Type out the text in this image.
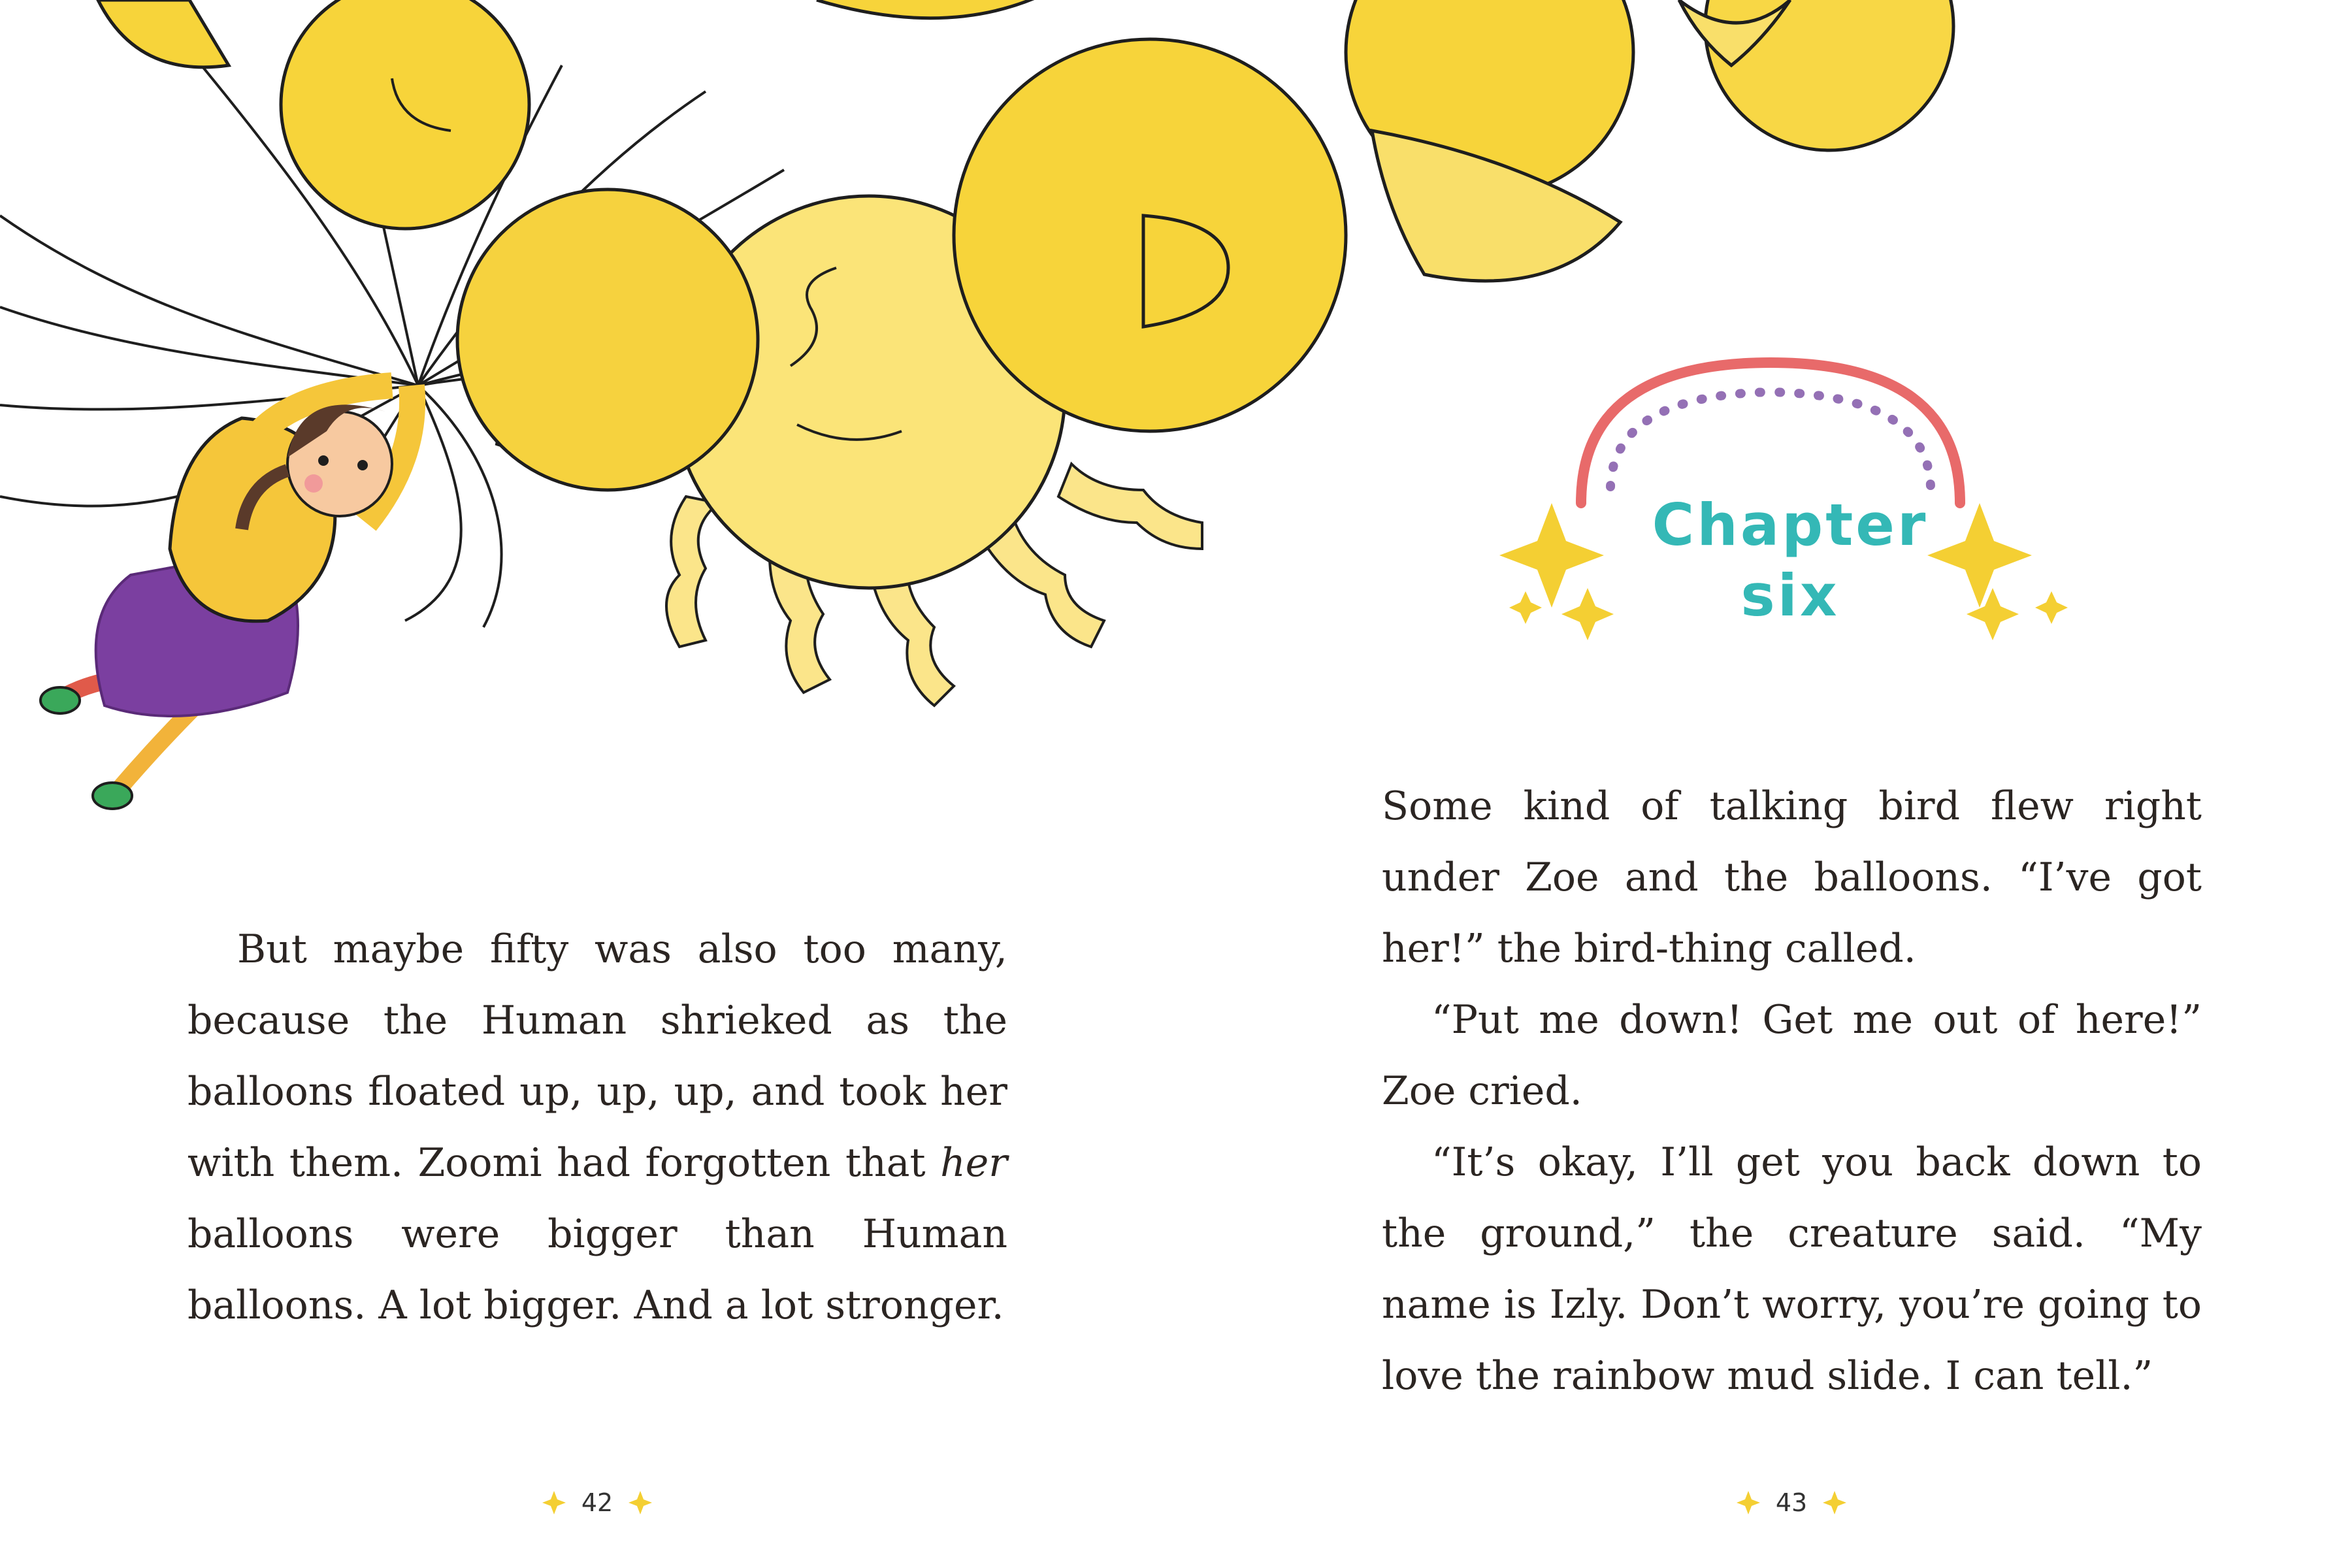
Chapter
six

But maybe fifty was also too many, because the Human shrieked as the balloons floated up, up, up, and took her with them. Zoomi had forgotten that her balloons were bigger than Human balloons. A lot bigger. And a lot stronger.

Some kind of talking bird flew right under Zoe and the balloons. “I’ve got her!” the bird-thing called.

“Put me down! Get me out of here!” Zoe cried.

“It’s okay, I’ll get you back down to the ground,” the creature said. “My name is Izly. Don’t worry, you’re going to love the rainbow mud slide. I can tell.”

42	43
